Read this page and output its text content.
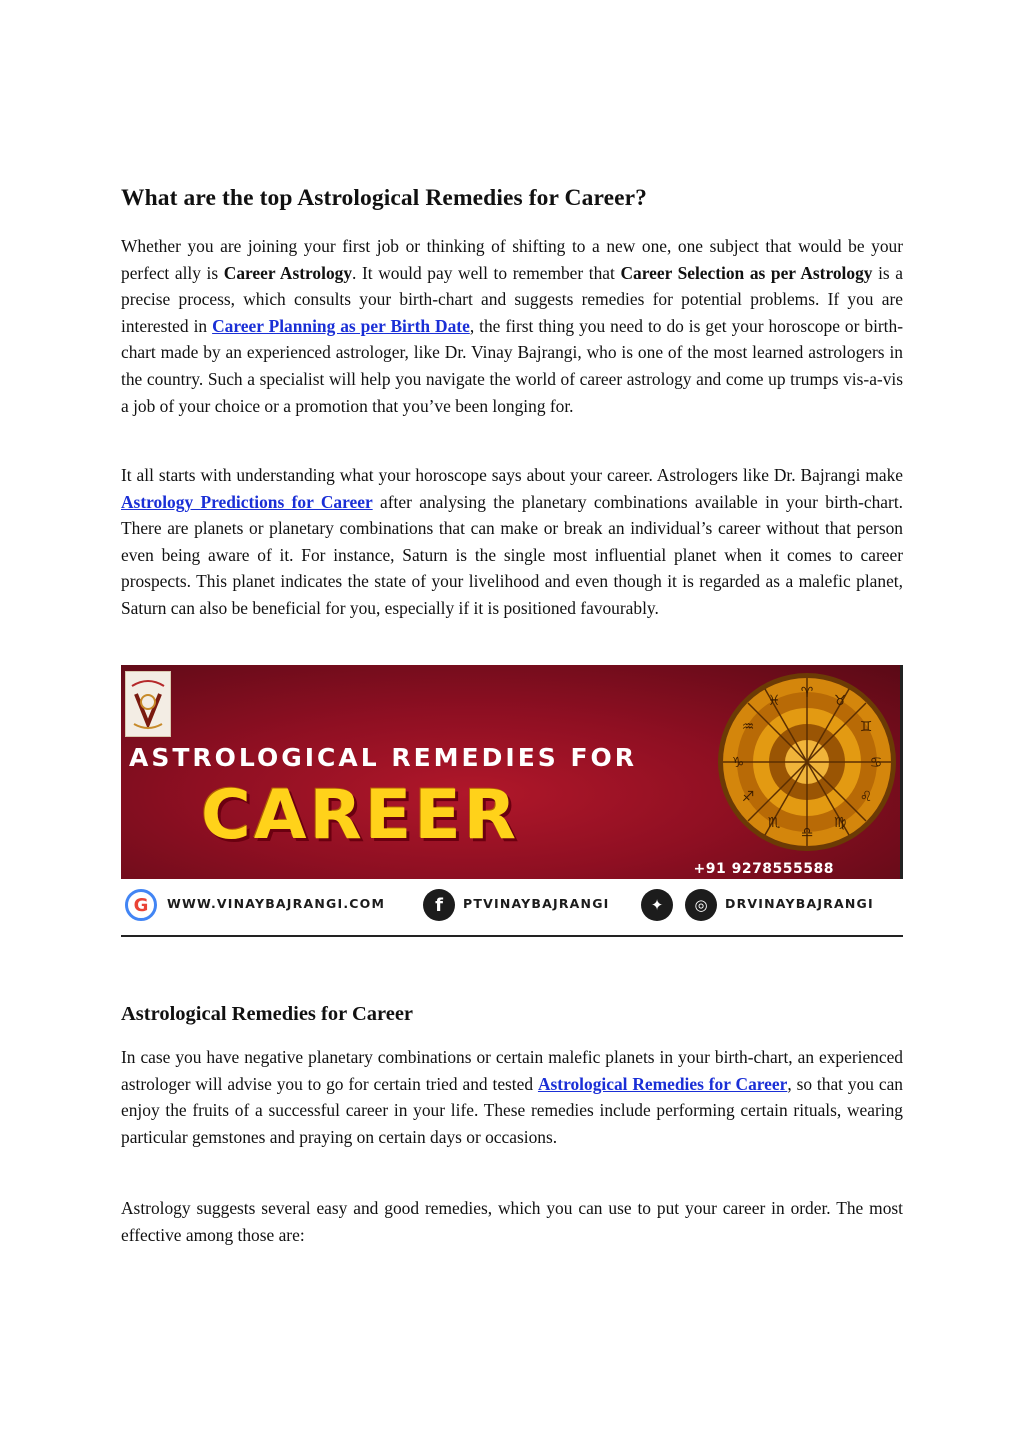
What are the top Astrological Remedies for Career?

Whether you are joining your first job or thinking of shifting to a new one, one subject that would be your perfect ally is Career Astrology. It would pay well to remember that Career Selection as per Astrology is a precise process, which consults your birth-chart and suggests remedies for potential problems. If you are interested in Career Planning as per Birth Date, the first thing you need to do is get your horoscope or birth-chart made by an experienced astrologer, like Dr. Vinay Bajrangi, who is one of the most learned astrologers in the country. Such a specialist will help you navigate the world of career astrology and come up trumps vis-a-vis a job of your choice or a promotion that you’ve been longing for.

It all starts with understanding what your horoscope says about your career. Astrologers like Dr. Bajrangi make Astrology Predictions for Career after analysing the planetary combinations available in your birth-chart. There are planets or planetary combinations that can make or break an individual’s career without that person even being aware of it. For instance, Saturn is the single most influential planet when it comes to career prospects. This planet indicates the state of your livelihood and even though it is regarded as a malefic planet, Saturn can also be beneficial for you, especially if it is positioned favourably.

Astrological Remedies for Career

In case you have negative planetary combinations or certain malefic planets in your birth-chart, an experienced astrologer will advise you to go for certain tried and tested Astrological Remedies for Career, so that you can enjoy the fruits of a successful career in your life. These remedies include performing certain rituals, wearing particular gemstones and praying on certain days or occasions.

Astrology suggests several easy and good remedies, which you can use to put your career in order. The most effective among those are:

ASTROLOGICAL REMEDIES FOR
CAREER
♈ ♉
♊
♋
♌
♍
♎
♏
♐
♑
♒
♓
+91 9278555588
G	WWW.VINAYBAJRANGI.COM	f	PTVINAYBAJRANGI	✦	◎	DRVINAYBAJRANGI
